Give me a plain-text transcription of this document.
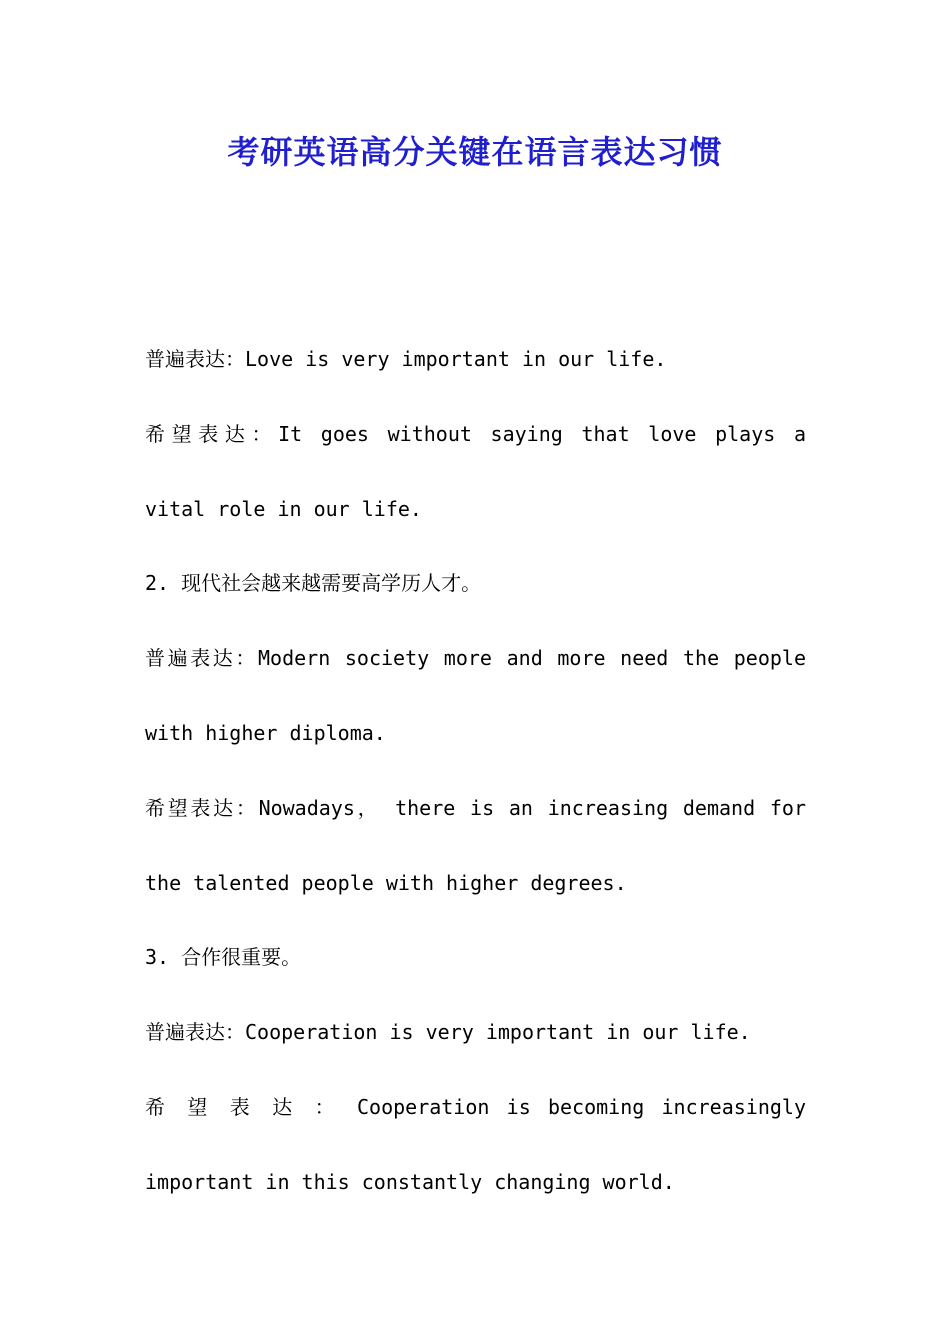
考研英语高分关键在语言表达习惯
普遍表达：Love is very important in our life.
希望表达：It goes without saying that love plays a
vital role in our life.
2. 现代社会越来越需要高学历人才。
普遍表达：Modern society more and more need the people
with higher diploma.
希望表达：Nowadays， there is an increasing demand for
the talented people with higher degrees.
3. 合作很重要。
普遍表达：Cooperation is very important in our life.
希 望 表 达 ： Cooperation is becoming increasingly
important in this constantly changing world.
